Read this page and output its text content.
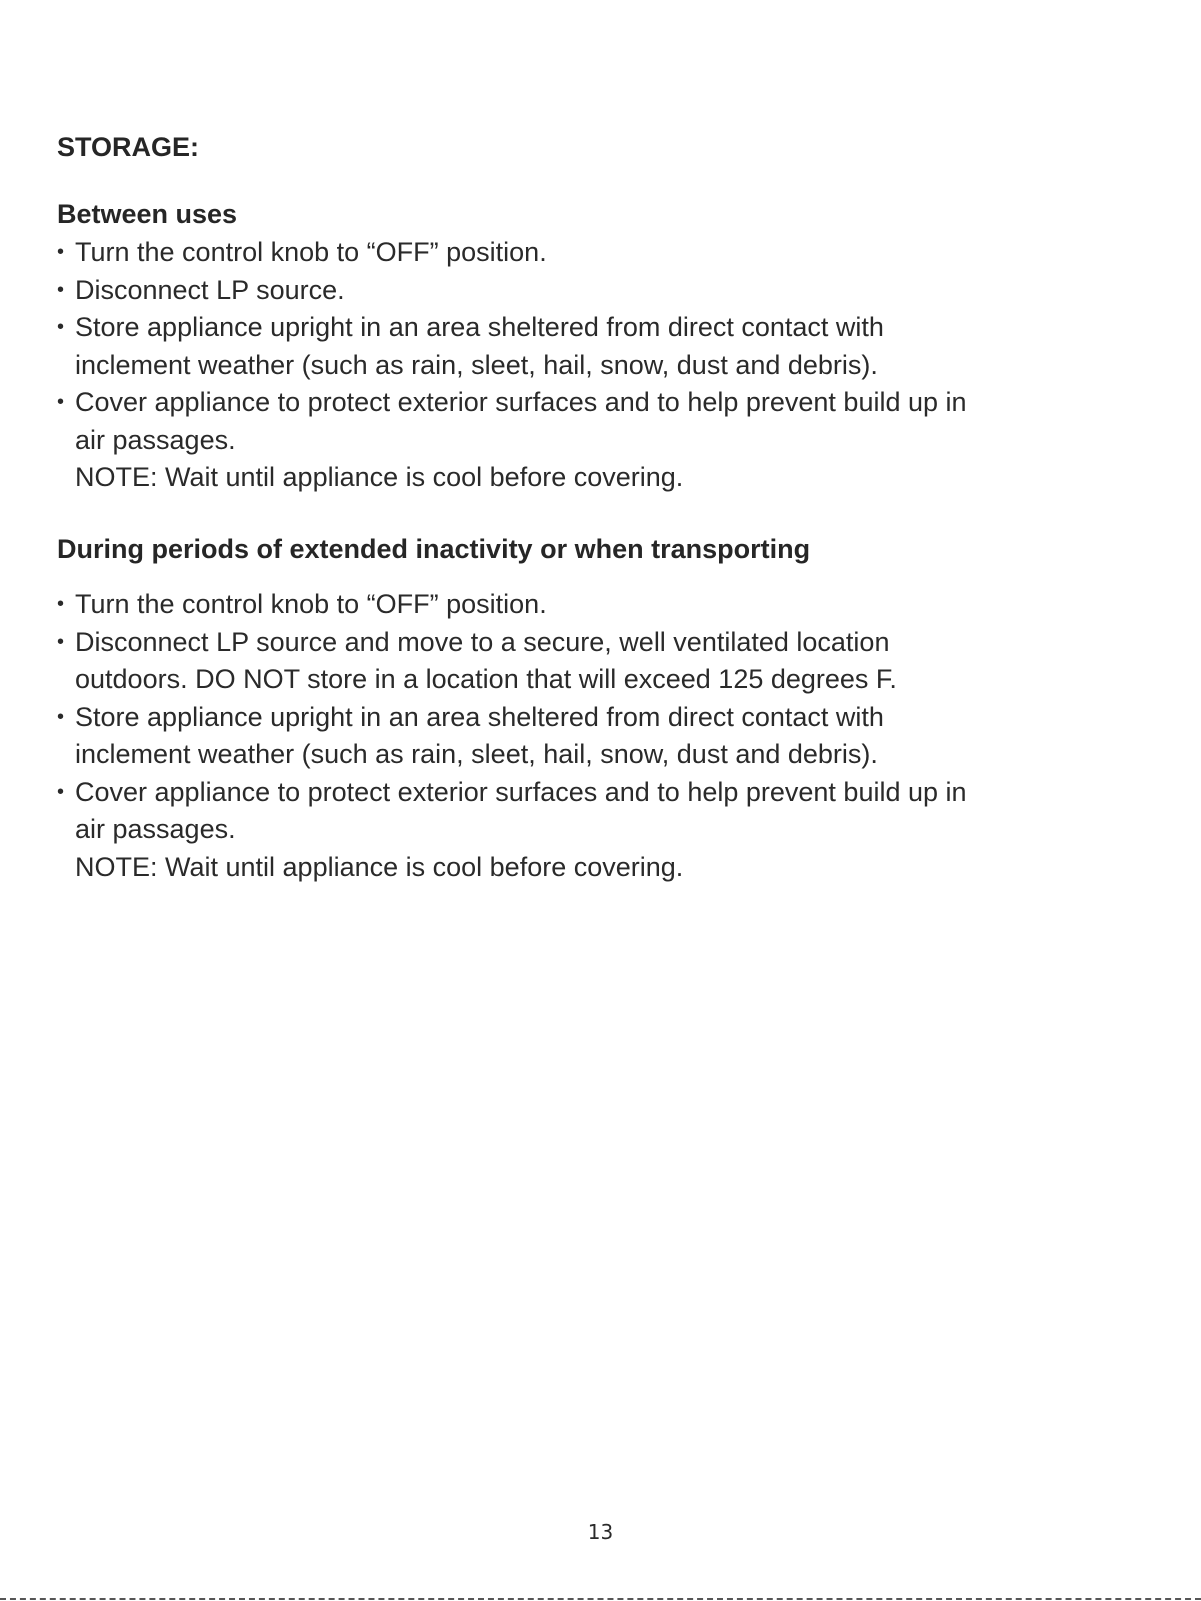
STORAGE:
Between uses
• Turn the control knob to “OFF” position.
• Disconnect LP source.
• Store appliance upright in an area sheltered from direct contact with
inclement weather (such as rain, sleet, hail, snow, dust and debris).
• Cover appliance to protect exterior surfaces and to help prevent build up in
air passages.

NOTE: Wait until appliance is cool before covering.

During periods of extended inactivity or when transporting
• Turn the control knob to “OFF” position.
• Disconnect LP source and move to a secure, well ventilated location
outdoors. DO NOT store in a location that will exceed 125 degrees F.
• Store appliance upright in an area sheltered from direct contact with
inclement weather (such as rain, sleet, hail, snow, dust and debris).
• Cover appliance to protect exterior surfaces and to help prevent build up in
air passages.

NOTE: Wait until appliance is cool before covering.

13
